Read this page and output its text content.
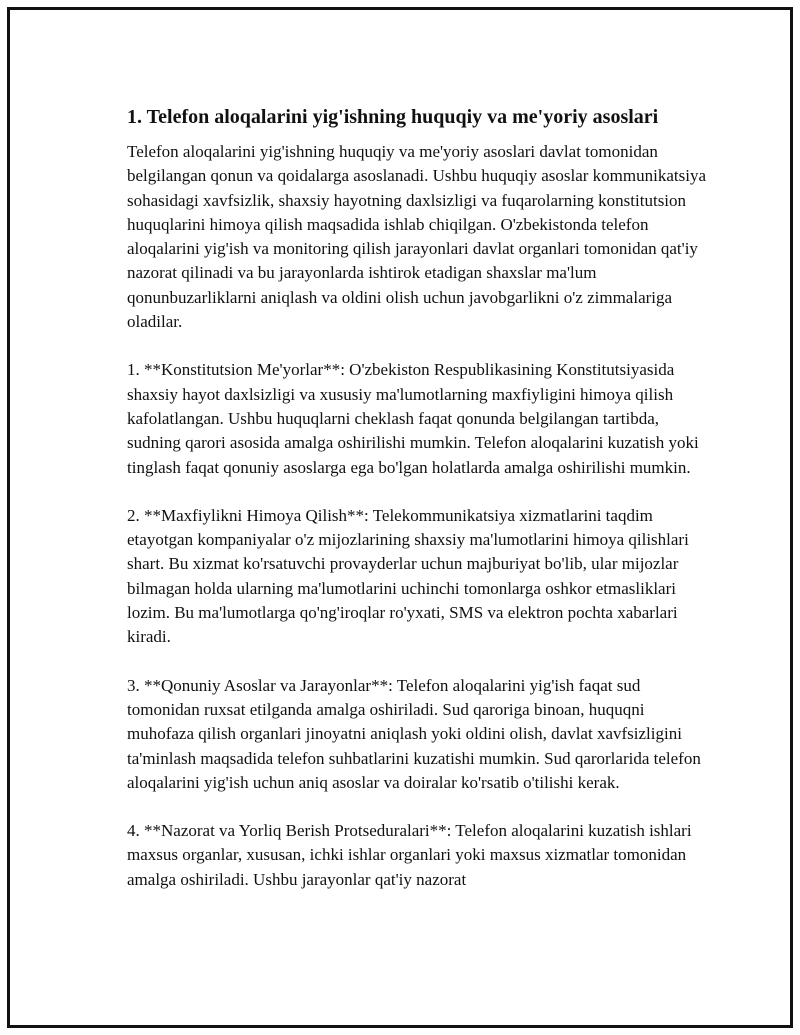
1. Telefon aloqalarini yig'ishning huquqiy va me'yoriy asoslari

Telefon aloqalarini yig'ishning huquqiy va me'yoriy asoslari davlat tomonidan belgilangan qonun va qoidalarga asoslanadi. Ushbu huquqiy asoslar kommunikatsiya sohasidagi xavfsizlik, shaxsiy hayotning daxlsizligi va fuqarolarning konstitutsion huquqlarini himoya qilish maqsadida ishlab chiqilgan. O'zbekistonda telefon aloqalarini yig'ish va monitoring qilish jarayonlari davlat organlari tomonidan qat'iy nazorat qilinadi va bu jarayonlarda ishtirok etadigan shaxslar ma'lum qonunbuzarliklarni aniqlash va oldini olish uchun javobgarlikni o'z zimmalariga oladilar.

1. **Konstitutsion Me'yorlar**: O'zbekiston Respublikasining Konstitutsiyasida shaxsiy hayot daxlsizligi va xususiy ma'lumotlarning maxfiyligini himoya qilish kafolatlangan. Ushbu huquqlarni cheklash faqat qonunda belgilangan tartibda, sudning qarori asosida amalga oshirilishi mumkin. Telefon aloqalarini kuzatish yoki tinglash faqat qonuniy asoslarga ega bo'lgan holatlarda amalga oshirilishi mumkin.

2. **Maxfiylikni Himoya Qilish**: Telekommunikatsiya xizmatlarini taqdim etayotgan kompaniyalar o'z mijozlarining shaxsiy ma'lumotlarini himoya qilishlari shart. Bu xizmat ko'rsatuvchi provayderlar uchun majburiyat bo'lib, ular mijozlar bilmagan holda ularning ma'lumotlarini uchinchi tomonlarga oshkor etmasliklari lozim. Bu ma'lumotlarga qo'ng'iroqlar ro'yxati, SMS va elektron pochta xabarlari kiradi.

3. **Qonuniy Asoslar va Jarayonlar**: Telefon aloqalarini yig'ish faqat sud tomonidan ruxsat etilganda amalga oshiriladi. Sud qaroriga binoan, huquqni muhofaza qilish organlari jinoyatni aniqlash yoki oldini olish, davlat xavfsizligini ta'minlash maqsadida telefon suhbatlarini kuzatishi mumkin. Sud qarorlarida telefon aloqalarini yig'ish uchun aniq asoslar va doiralar ko'rsatib o'tilishi kerak.

4. **Nazorat va Yorliq Berish Protseduralari**: Telefon aloqalarini kuzatish ishlari maxsus organlar, xususan, ichki ishlar organlari yoki maxsus xizmatlar tomonidan amalga oshiriladi. Ushbu jarayonlar qat'iy nazorat
